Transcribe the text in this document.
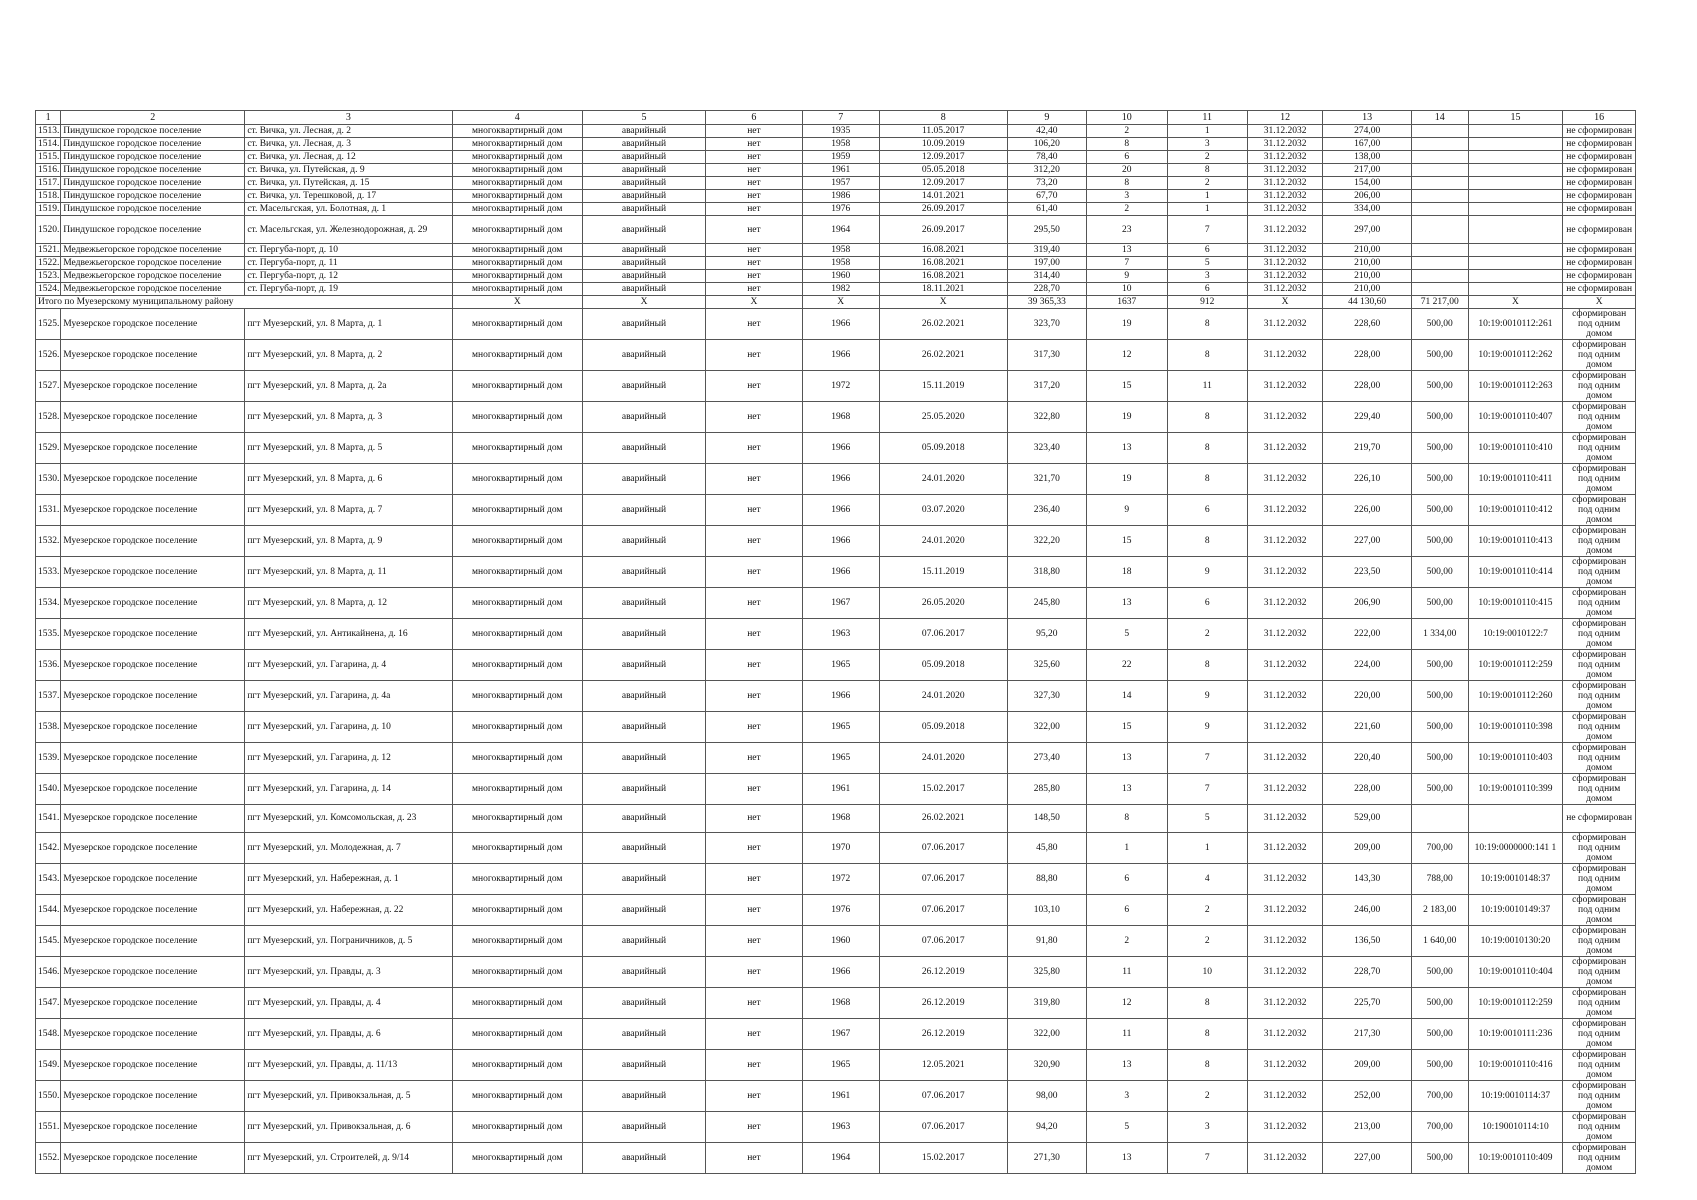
1	2	3	4	5	6	7	8	9	10	11	12	13	14	15	16
1513.	Пиндушское городское поселение	ст. Вичка, ул. Лесная, д. 2	многоквартирный дом	аварийный	нет	1935	11.05.2017	42,40	2	1	31.12.2032	274,00			не сформирован
1514.	Пиндушское городское поселение	ст. Вичка, ул. Лесная, д. 3	многоквартирный дом	аварийный	нет	1958	10.09.2019	106,20	8	3	31.12.2032	167,00			не сформирован
1515.	Пиндушское городское поселение	ст. Вичка, ул. Лесная, д. 12	многоквартирный дом	аварийный	нет	1959	12.09.2017	78,40	6	2	31.12.2032	138,00			не сформирован
1516.	Пиндушское городское поселение	ст. Вичка, ул. Путейская, д. 9	многоквартирный дом	аварийный	нет	1961	05.05.2018	312,20	20	8	31.12.2032	217,00			не сформирован
1517.	Пиндушское городское поселение	ст. Вичка, ул. Путейская, д. 15	многоквартирный дом	аварийный	нет	1957	12.09.2017	73,20	8	2	31.12.2032	154,00			не сформирован
1518.	Пиндушское городское поселение	ст. Вичка, ул. Терешковой, д. 17	многоквартирный дом	аварийный	нет	1986	14.01.2021	67,70	3	1	31.12.2032	206,00			не сформирован
1519.	Пиндушское городское поселение	ст. Масельгская, ул. Болотная, д. 1	многоквартирный дом	аварийный	нет	1976	26.09.2017	61,40	2	1	31.12.2032	334,00			не сформирован
1520.	Пиндушское городское поселение	ст. Масельгская, ул. Железнодорожная, д. 29	многоквартирный дом	аварийный	нет	1964	26.09.2017	295,50	23	7	31.12.2032	297,00			не сформирован
1521.	Медвежьегорское городское поселение	ст. Пергуба-порт, д. 10	многоквартирный дом	аварийный	нет	1958	16.08.2021	319,40	13	6	31.12.2032	210,00			не сформирован
1522.	Медвежьегорское городское поселение	ст. Пергуба-порт, д. 11	многоквартирный дом	аварийный	нет	1958	16.08.2021	197,00	7	5	31.12.2032	210,00			не сформирован
1523.	Медвежьегорское городское поселение	ст. Пергуба-порт, д. 12	многоквартирный дом	аварийный	нет	1960	16.08.2021	314,40	9	3	31.12.2032	210,00			не сформирован
1524.	Медвежьегорское городское поселение	ст. Пергуба-порт, д. 19	многоквартирный дом	аварийный	нет	1982	18.11.2021	228,70	10	6	31.12.2032	210,00			не сформирован
Итого по Муезерскому муниципальному району			X	X	X	X	X	39 365,33	1637	912	X	44 130,60	71 217,00	X	X
1525.	Муезерское городское поселение	пгт Муезерский, ул. 8 Марта, д. 1	многоквартирный дом	аварийный	нет	1966	26.02.2021	323,70	19	8	31.12.2032	228,60	500,00	10:19:0010112:261	сформирован под одним домом
1526.	Муезерское городское поселение	пгт Муезерский, ул. 8 Марта, д. 2	многоквартирный дом	аварийный	нет	1966	26.02.2021	317,30	12	8	31.12.2032	228,00	500,00	10:19:0010112:262	сформирован под одним домом
1527.	Муезерское городское поселение	пгт Муезерский, ул. 8 Марта, д. 2а	многоквартирный дом	аварийный	нет	1972	15.11.2019	317,20	15	11	31.12.2032	228,00	500,00	10:19:0010112:263	сформирован под одним домом
1528.	Муезерское городское поселение	пгт Муезерский, ул. 8 Марта, д. 3	многоквартирный дом	аварийный	нет	1968	25.05.2020	322,80	19	8	31.12.2032	229,40	500,00	10:19:0010110:407	сформирован под одним домом
1529.	Муезерское городское поселение	пгт Муезерский, ул. 8 Марта, д. 5	многоквартирный дом	аварийный	нет	1966	05.09.2018	323,40	13	8	31.12.2032	219,70	500,00	10:19:0010110:410	сформирован под одним домом
1530.	Муезерское городское поселение	пгт Муезерский, ул. 8 Марта, д. 6	многоквартирный дом	аварийный	нет	1966	24.01.2020	321,70	19	8	31.12.2032	226,10	500,00	10:19:0010110:411	сформирован под одним домом
1531.	Муезерское городское поселение	пгт Муезерский, ул. 8 Марта, д. 7	многоквартирный дом	аварийный	нет	1966	03.07.2020	236,40	9	6	31.12.2032	226,00	500,00	10:19:0010110:412	сформирован под одним домом
1532.	Муезерское городское поселение	пгт Муезерский, ул. 8 Марта, д. 9	многоквартирный дом	аварийный	нет	1966	24.01.2020	322,20	15	8	31.12.2032	227,00	500,00	10:19:0010110:413	сформирован под одним домом
1533.	Муезерское городское поселение	пгт Муезерский, ул. 8 Марта, д. 11	многоквартирный дом	аварийный	нет	1966	15.11.2019	318,80	18	9	31.12.2032	223,50	500,00	10:19:0010110:414	сформирован под одним домом
1534.	Муезерское городское поселение	пгт Муезерский, ул. 8 Марта, д. 12	многоквартирный дом	аварийный	нет	1967	26.05.2020	245,80	13	6	31.12.2032	206,90	500,00	10:19:0010110:415	сформирован под одним домом
1535.	Муезерское городское поселение	пгт Муезерский, ул. Антикайнена, д. 16	многоквартирный дом	аварийный	нет	1963	07.06.2017	95,20	5	2	31.12.2032	222,00	1 334,00	10:19:0010122:7	сформирован под одним домом
1536.	Муезерское городское поселение	пгт Муезерский, ул. Гагарина, д. 4	многоквартирный дом	аварийный	нет	1965	05.09.2018	325,60	22	8	31.12.2032	224,00	500,00	10:19:0010112:259	сформирован под одним домом
1537.	Муезерское городское поселение	пгт Муезерский, ул. Гагарина, д. 4а	многоквартирный дом	аварийный	нет	1966	24.01.2020	327,30	14	9	31.12.2032	220,00	500,00	10:19:0010112:260	сформирован под одним домом
1538.	Муезерское городское поселение	пгт Муезерский, ул. Гагарина, д. 10	многоквартирный дом	аварийный	нет	1965	05.09.2018	322,00	15	9	31.12.2032	221,60	500,00	10:19:0010110:398	сформирован под одним домом
1539.	Муезерское городское поселение	пгт Муезерский, ул. Гагарина, д. 12	многоквартирный дом	аварийный	нет	1965	24.01.2020	273,40	13	7	31.12.2032	220,40	500,00	10:19:0010110:403	сформирован под одним домом
1540.	Муезерское городское поселение	пгт Муезерский, ул. Гагарина, д. 14	многоквартирный дом	аварийный	нет	1961	15.02.2017	285,80	13	7	31.12.2032	228,00	500,00	10:19:0010110:399	сформирован под одним домом
1541.	Муезерское городское поселение	пгт Муезерский, ул. Комсомольская, д. 23	многоквартирный дом	аварийный	нет	1968	26.02.2021	148,50	8	5	31.12.2032	529,00			не сформирован
1542.	Муезерское городское поселение	пгт Муезерский, ул. Молодежная, д. 7	многоквартирный дом	аварийный	нет	1970	07.06.2017	45,80	1	1	31.12.2032	209,00	700,00	10:19:0000000:141 1	сформирован под одним домом
1543.	Муезерское городское поселение	пгт Муезерский, ул. Набережная, д. 1	многоквартирный дом	аварийный	нет	1972	07.06.2017	88,80	6	4	31.12.2032	143,30	788,00	10:19:0010148:37	сформирован под одним домом
1544.	Муезерское городское поселение	пгт Муезерский, ул. Набережная, д. 22	многоквартирный дом	аварийный	нет	1976	07.06.2017	103,10	6	2	31.12.2032	246,00	2 183,00	10:19:0010149:37	сформирован под одним домом
1545.	Муезерское городское поселение	пгт Муезерский, ул. Пограничников, д. 5	многоквартирный дом	аварийный	нет	1960	07.06.2017	91,80	2	2	31.12.2032	136,50	1 640,00	10:19:0010130:20	сформирован под одним домом
1546.	Муезерское городское поселение	пгт Муезерский, ул. Правды, д. 3	многоквартирный дом	аварийный	нет	1966	26.12.2019	325,80	11	10	31.12.2032	228,70	500,00	10:19:0010110:404	сформирован под одним домом
1547.	Муезерское городское поселение	пгт Муезерский, ул. Правды, д. 4	многоквартирный дом	аварийный	нет	1968	26.12.2019	319,80	12	8	31.12.2032	225,70	500,00	10:19:0010112:259	сформирован под одним домом
1548.	Муезерское городское поселение	пгт Муезерский, ул. Правды, д. 6	многоквартирный дом	аварийный	нет	1967	26.12.2019	322,00	11	8	31.12.2032	217,30	500,00	10:19:0010111:236	сформирован под одним домом
1549.	Муезерское городское поселение	пгт Муезерский, ул. Правды, д. 11/13	многоквартирный дом	аварийный	нет	1965	12.05.2021	320,90	13	8	31.12.2032	209,00	500,00	10:19:0010110:416	сформирован под одним домом
1550.	Муезерское городское поселение	пгт Муезерский, ул. Привокзальная, д. 5	многоквартирный дом	аварийный	нет	1961	07.06.2017	98,00	3	2	31.12.2032	252,00	700,00	10:19:0010114:37	сформирован под одним домом
1551.	Муезерское городское поселение	пгт Муезерский, ул. Привокзальная, д. 6	многоквартирный дом	аварийный	нет	1963	07.06.2017	94,20	5	3	31.12.2032	213,00	700,00	10:190010114:10	сформирован под одним домом
1552.	Муезерское городское поселение	пгт Муезерский, ул. Строителей, д. 9/14	многоквартирный дом	аварийный	нет	1964	15.02.2017	271,30	13	7	31.12.2032	227,00	500,00	10:19:0010110:409	сформирован под одним домом
